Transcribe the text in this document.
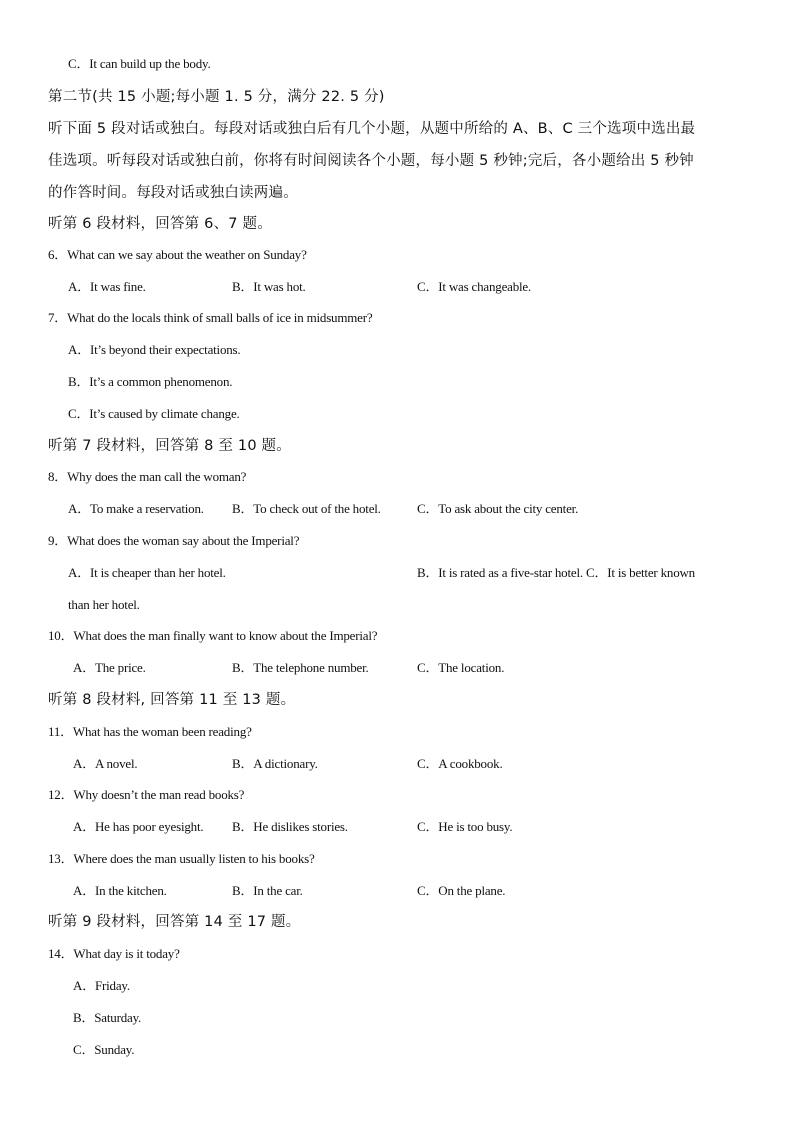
C．It can build up the body.

第二节(共 15 小题;每小题 1. 5 分，满分 22. 5 分)

听下面 5 段对话或独白。每段对话或独白后有几个小题，从题中所给的 A、B、C 三个选项中选出最

佳选项。听每段对话或独白前，你将有时间阅读各个小题，每小题 5 秒钟;完后，各小题给出 5 秒钟

的作答时间。每段对话或独白读两遍。

听第 6 段材料，回答第 6、7 题。

6．What can we say about the weather on Sunday?

A．It was fine.	B．It was hot.	C．It was changeable.

7．What do the locals think of small balls of ice in midsummer?

A．It’s beyond their expectations.

B．It’s a common phenomenon.

C．It’s caused by climate change.

听第 7 段材料，回答第 8 至 10 题。

8．Why does the man call the woman?

A．To make a reservation. B．To check out of the hotel.	C．To ask about the city center.

9．What does the woman say about the Imperial?

A．It is cheaper than her hotel.	B．It is rated as a five-star hotel. C．It is better known

than her hotel.

10．What does the man finally want to know about the Imperial?

A．The price.	B．The telephone number.	C．The location.

听第 8 段材料, 回答第 11 至 13 题。

11．What has the woman been reading?

A．A novel.	B．A dictionary.	C．A cookbook.

12．Why doesn’t the man read books?

A．He has poor eyesight. B．He dislikes stories.	C．He is too busy.

13．Where does the man usually listen to his books?

A．In the kitchen.	B．In the car.	C．On the plane.

听第 9 段材料，回答第 14 至 17 题。

14．What day is it today?

A．Friday.

B．Saturday.

C．Sunday.
